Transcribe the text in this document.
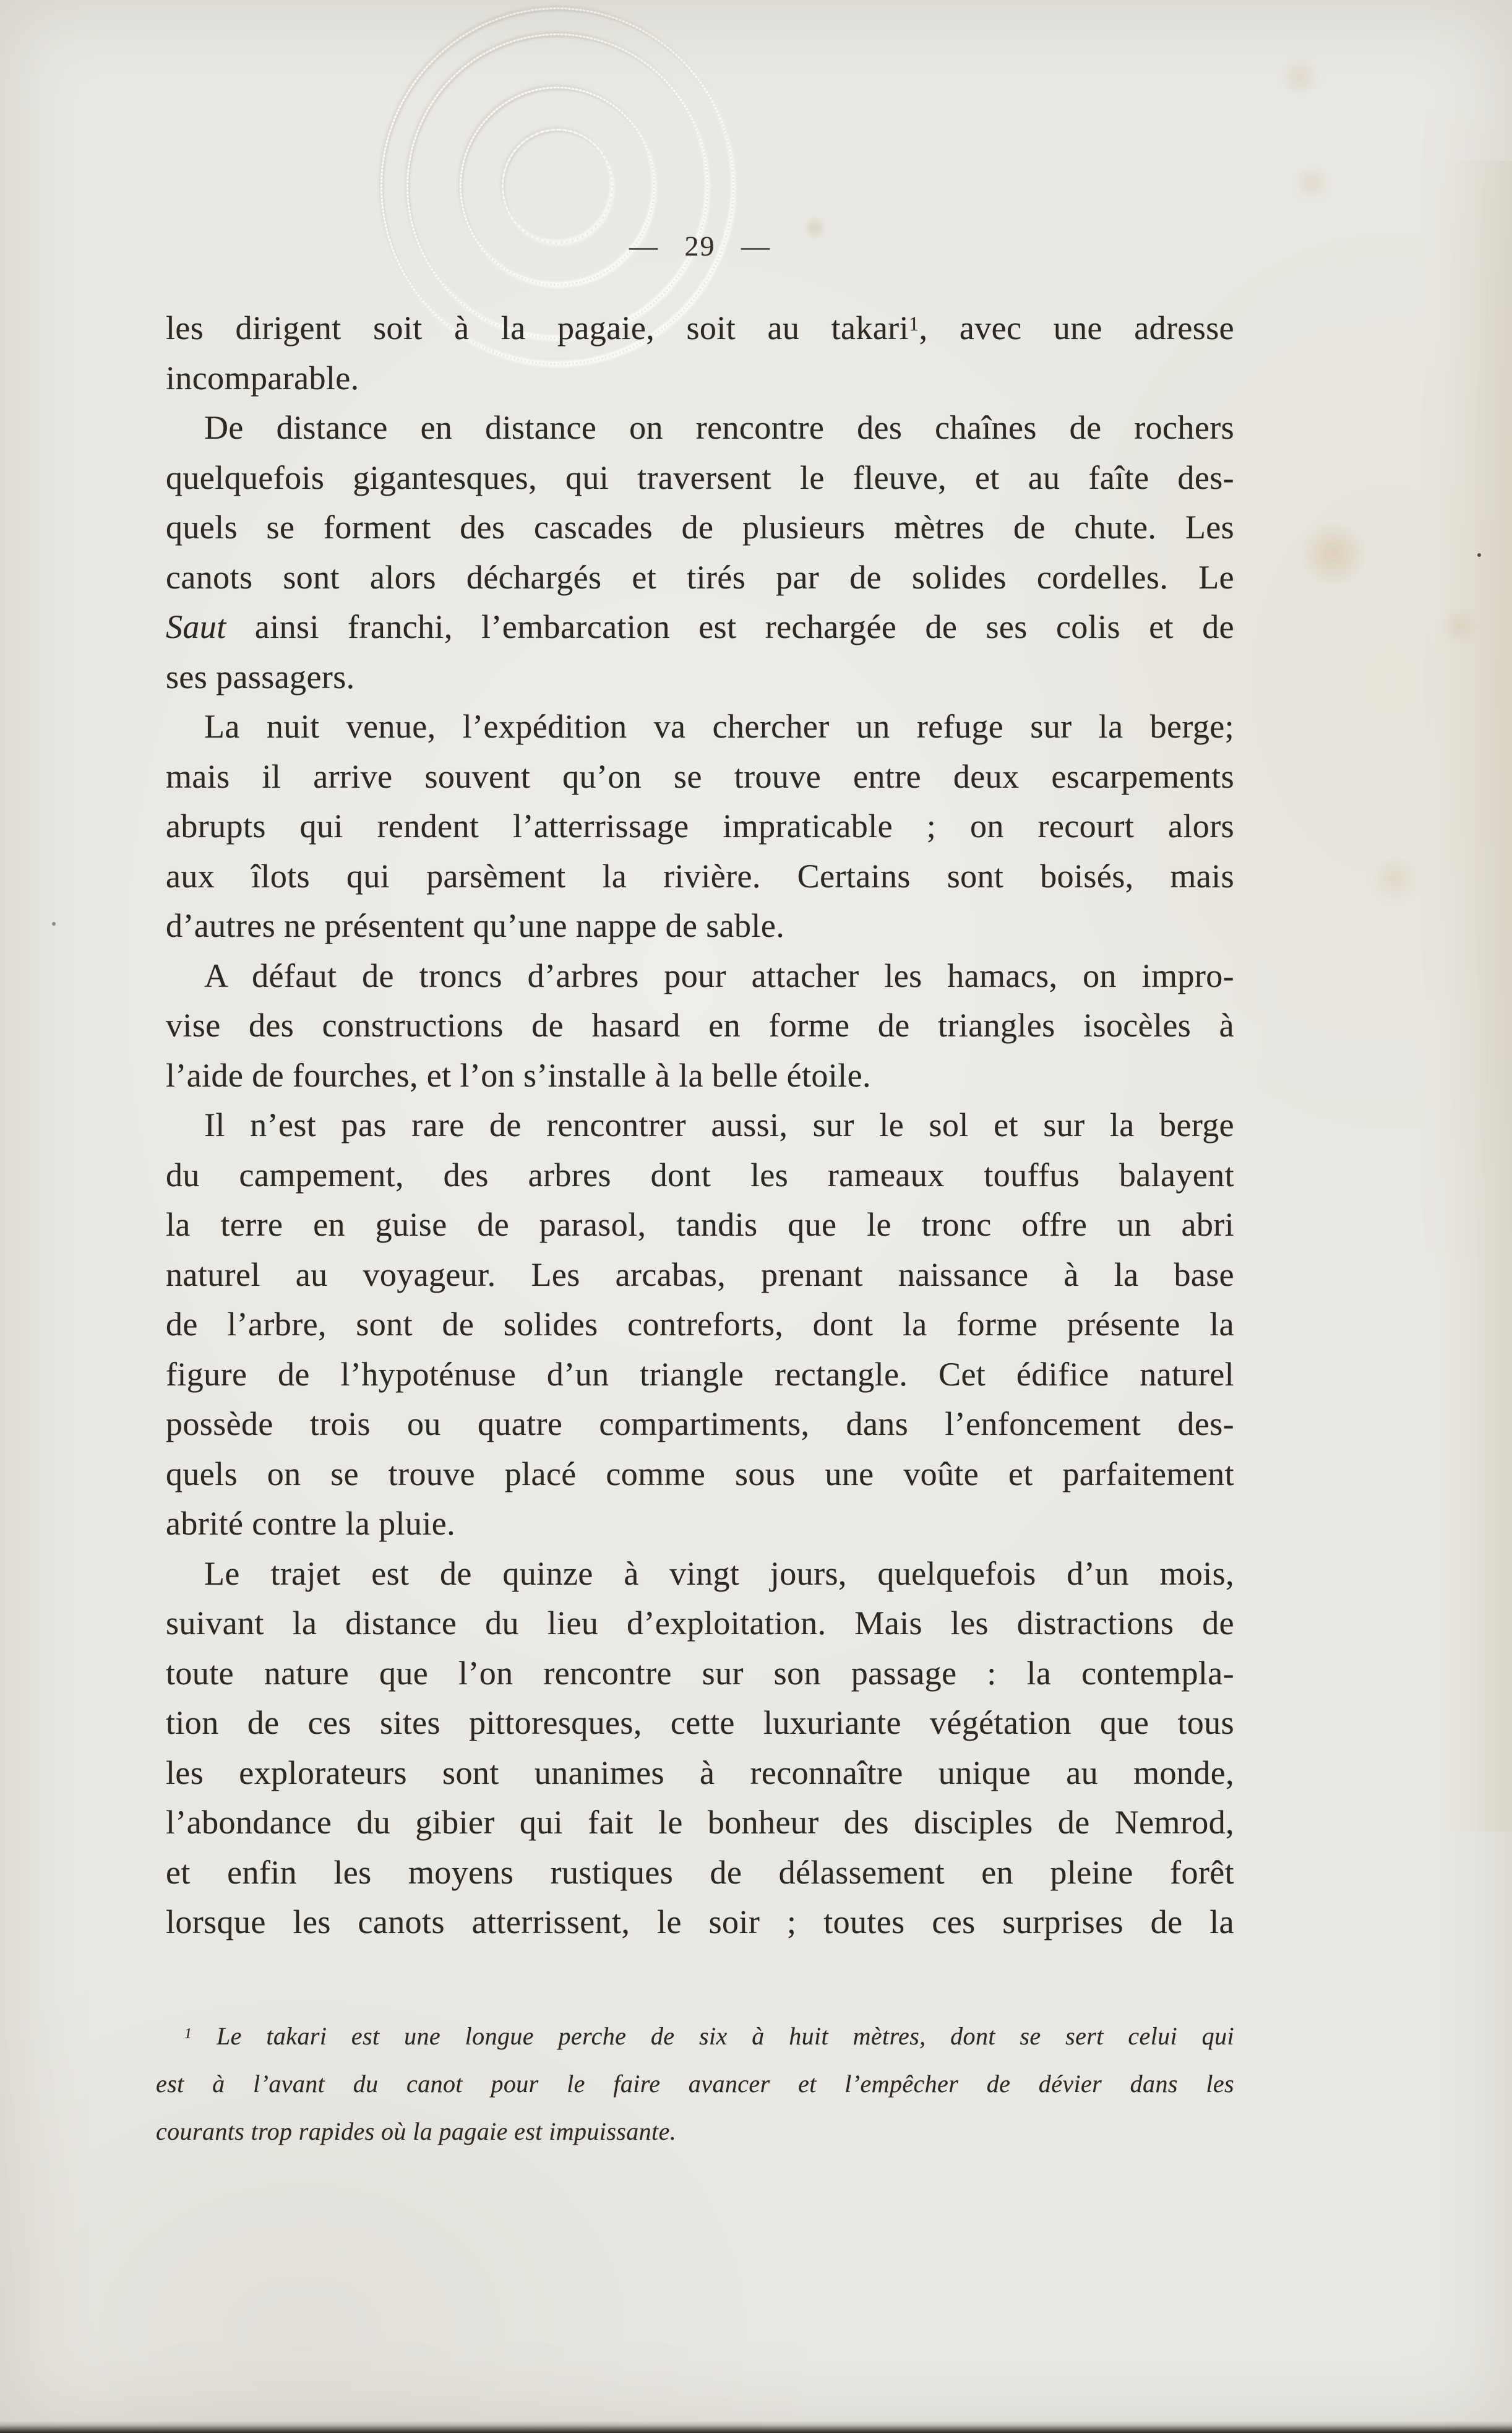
— 29 —

les dirigent soit à la pagaie, soit au takari$^1$, avec une adresse
incomparable.

De distance en distance on rencontre des chaînes de rochers
quelquefois gigantesques, qui traversent le fleuve, et au faîte des-
quels se forment des cascades de plusieurs mètres de chute. Les
canots sont alors déchargés et tirés par de solides cordelles. Le
Saut ainsi franchi, l’embarcation est rechargée de ses colis et de
ses passagers.

La nuit venue, l’expédition va chercher un refuge sur la berge;
mais il arrive souvent qu’on se trouve entre deux escarpements
abrupts qui rendent l’atterrissage impraticable ; on recourt alors
aux îlots qui parsèment la rivière. Certains sont boisés, mais
d’autres ne présentent qu’une nappe de sable.

A défaut de troncs d’arbres pour attacher les hamacs, on impro-
vise des constructions de hasard en forme de triangles isocèles à
l’aide de fourches, et l’on s’installe à la belle étoile.

Il n’est pas rare de rencontrer aussi, sur le sol et sur la berge
du campement, des arbres dont les rameaux touffus balayent
la terre en guise de parasol, tandis que le tronc offre un abri
naturel au voyageur. Les arcabas, prenant naissance à la base
de l’arbre, sont de solides contreforts, dont la forme présente la
figure de l’hypoténuse d’un triangle rectangle. Cet édifice naturel
possède trois ou quatre compartiments, dans l’enfoncement des-
quels on se trouve placé comme sous une voûte et parfaitement
abrité contre la pluie.

Le trajet est de quinze à vingt jours, quelquefois d’un mois,
suivant la distance du lieu d’exploitation. Mais les distractions de
toute nature que l’on rencontre sur son passage : la contempla-
tion de ces sites pittoresques, cette luxuriante végétation que tous
les explorateurs sont unanimes à reconnaître unique au monde,
l’abondance du gibier qui fait le bonheur des disciples de Nemrod,
et enfin les moyens rustiques de délassement en pleine forêt
lorsque les canots atterrissent, le soir ; toutes ces surprises de la

$^1$ Le takari est une longue perche de six à huit mètres, dont se sert celui qui
est à l’avant du canot pour le faire avancer et l’empêcher de dévier dans les
courants trop rapides où la pagaie est impuissante.
